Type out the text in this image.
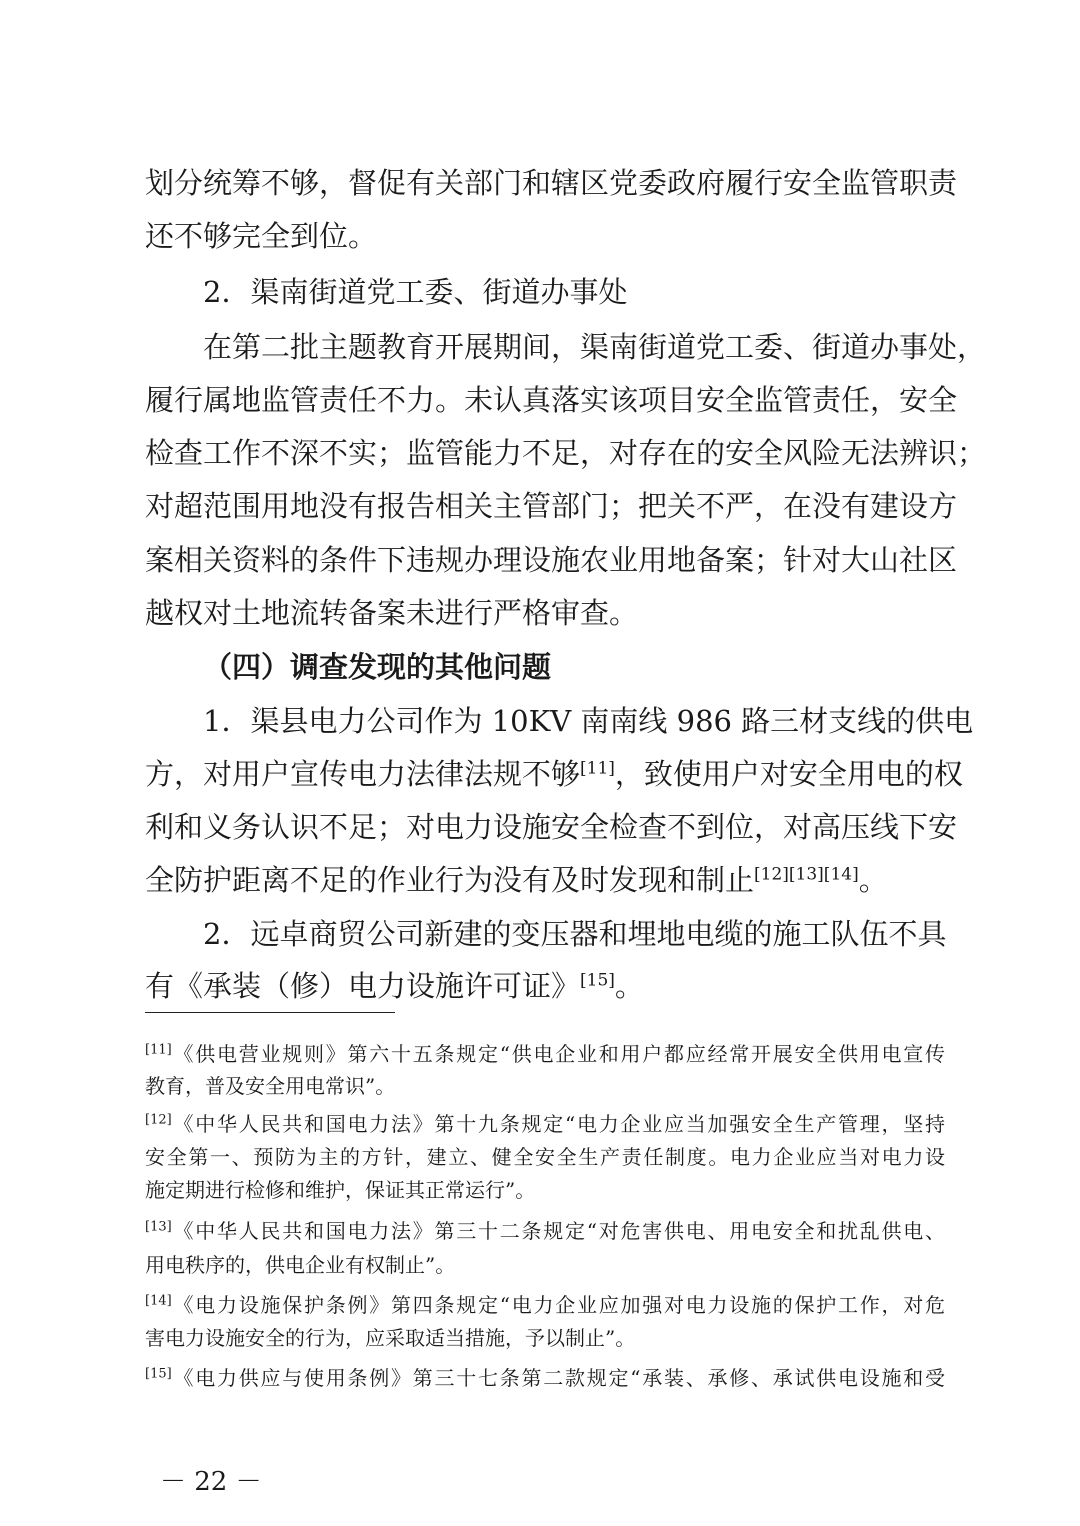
划分统筹不够，督促有关部门和辖区党委政府履行安全监管职责
还不够完全到位。
2．渠南街道党工委、街道办事处
在第二批主题教育开展期间，渠南街道党工委、街道办事处，
履行属地监管责任不力。未认真落实该项目安全监管责任，安全
检查工作不深不实；监管能力不足，对存在的安全风险无法辨识；
对超范围用地没有报告相关主管部门；把关不严，在没有建设方
案相关资料的条件下违规办理设施农业用地备案；针对大山社区
越权对土地流转备案未进行严格审查。
（四）调查发现的其他问题
1．渠县电力公司作为 10KV 南南线 986 路三材支线的供电
方，对用户宣传电力法律法规不够[11]，致使用户对安全用电的权
利和义务认识不足；对电力设施安全检查不到位，对高压线下安
全防护距离不足的作业行为没有及时发现和制止[12][13][14]。
2．远卓商贸公司新建的变压器和埋地电缆的施工队伍不具
有《承装（修）电力设施许可证》[15]。
[11]《供电营业规则》第六十五条规定“供电企业和用户都应经常开展安全供用电宣传
教育，普及安全用电常识”。
[12]《中华人民共和国电力法》第十九条规定“电力企业应当加强安全生产管理，坚持
安全第一、预防为主的方针，建立、健全安全生产责任制度。电力企业应当对电力设
施定期进行检修和维护，保证其正常运行”。
[13]《中华人民共和国电力法》第三十二条规定“对危害供电、用电安全和扰乱供电、
用电秩序的，供电企业有权制止”。
[14]《电力设施保护条例》第四条规定“电力企业应加强对电力设施的保护工作，对危
害电力设施安全的行为，应采取适当措施，予以制止”。
[15]《电力供应与使用条例》第三十七条第二款规定“承装、承修、承试供电设施和受
－ 22 －
